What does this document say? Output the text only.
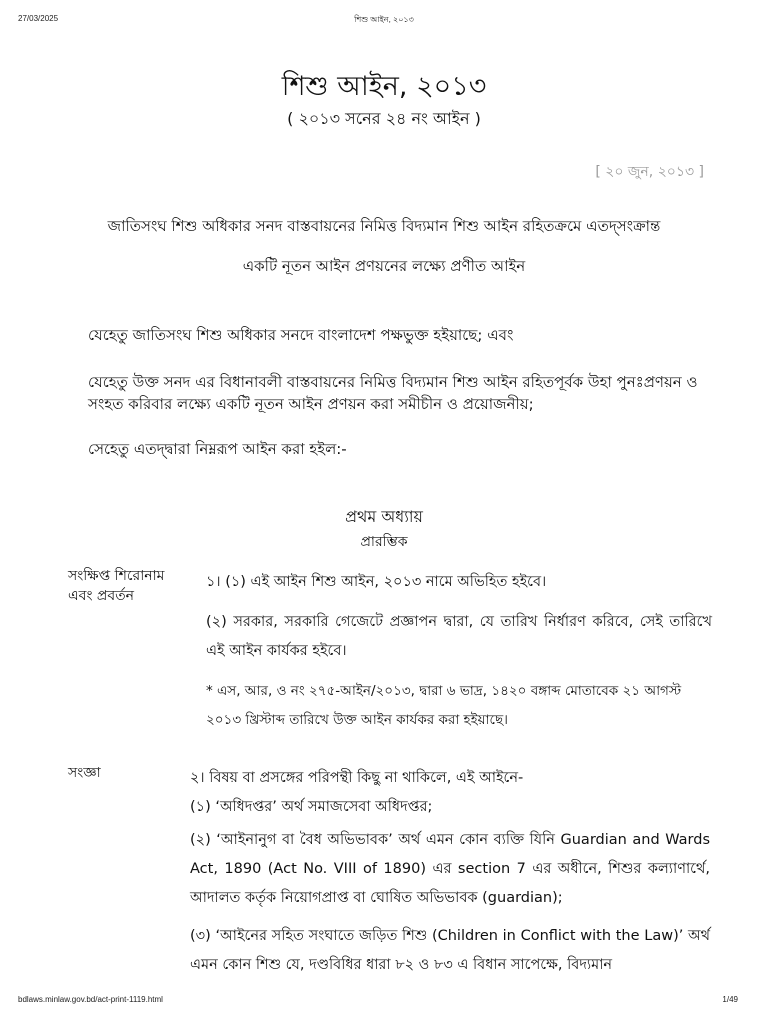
27/03/2025	শিশু আইন, ২০১৩
শিশু আইন, ২০১৩
( ২০১৩ সনের ২৪ নং আইন )
[ ২০ জুন, ২০১৩ ]
জাতিসংঘ শিশু অধিকার সনদ বাস্তবায়নের নিমিত্ত বিদ্যমান শিশু আইন রহিতক্রমে এতদ্‌সংক্রান্ত
একটি নূতন আইন প্রণয়নের লক্ষ্যে প্রণীত আইন
যেহেতু জাতিসংঘ শিশু অধিকার সনদে বাংলাদেশ পক্ষভুক্ত হইয়াছে; এবং
যেহেতু উক্ত সনদ এর বিধানাবলী বাস্তবায়নের নিমিত্ত বিদ্যমান শিশু আইন রহিতপূর্বক উহা পুনঃপ্রণয়ন ও সংহত করিবার লক্ষ্যে একটি নূতন আইন প্রণয়ন করা সমীচীন ও প্রয়োজনীয়;
সেহেতু এতদ্দ্বারা নিম্নরূপ আইন করা হইল:-
প্রথম অধ্যায়
প্রারম্ভিক
সংক্ষিপ্ত শিরোনাম এবং প্রবর্তন
১। (১) এই আইন শিশু আইন, ২০১৩ নামে অভিহিত হইবে।
(২) সরকার, সরকারি গেজেটে প্রজ্ঞাপন দ্বারা, যে তারিখ নির্ধারণ করিবে, সেই তারিখে এই আইন কার্যকর হইবে।
* এস, আর, ও নং ২৭৫-আইন/২০১৩, দ্বারা ৬ ভাদ্র, ১৪২০ বঙ্গাব্দ মোতাবেক ২১ আগস্ট ২০১৩ খ্রিস্টাব্দ তারিখে উক্ত আইন কার্যকর করা হইয়াছে।
সংজ্ঞা	২। বিষয় বা প্রসঙ্গের পরিপন্থী কিছু না থাকিলে, এই আইনে-
(১) ‘অধিদপ্তর’ অর্থ সমাজসেবা অধিদপ্তর;
(২) ‘আইনানুগ বা বৈধ অভিভাবক’ অর্থ এমন কোন ব্যক্তি যিনি Guardian and Wards Act, 1890 (Act No. VIII of 1890) এর section 7 এর অধীনে, শিশুর কল্যাণার্থে, আদালত কর্তৃক নিয়োগপ্রাপ্ত বা ঘোষিত অভিভাবক (guardian);
(৩) ‘আইনের সহিত সংঘাতে জড়িত শিশু (Children in Conflict with the Law)’ অর্থ এমন কোন শিশু যে, দণ্ডবিধির ধারা ৮২ ও ৮৩ এ বিধান সাপেক্ষে, বিদ্যমান
bdlaws.minlaw.gov.bd/act-print-1119.html	1/49
